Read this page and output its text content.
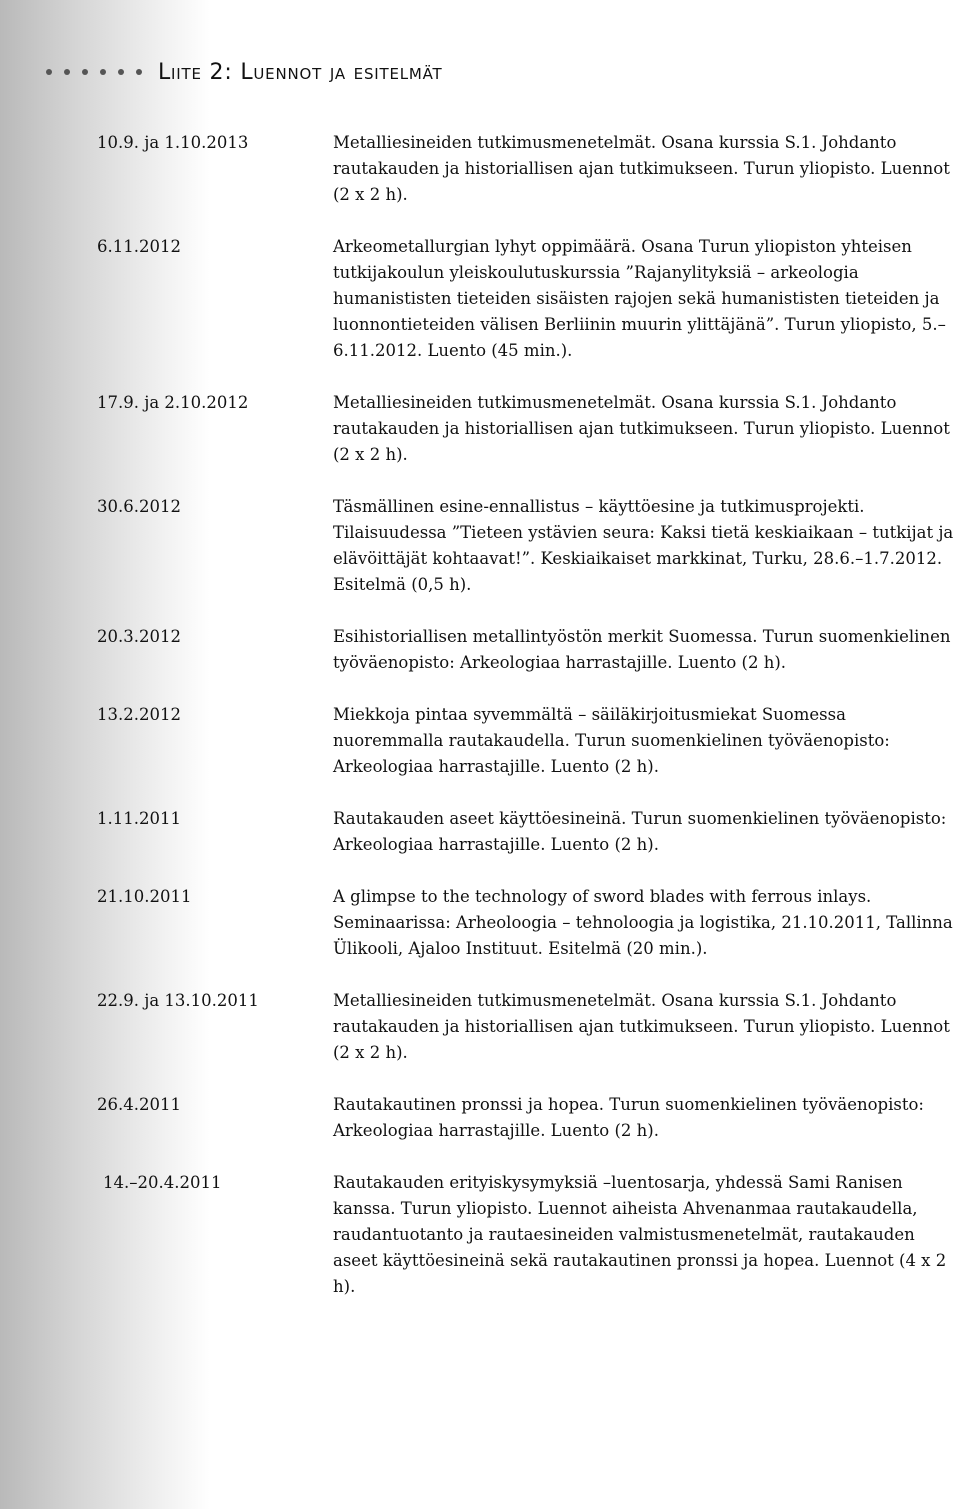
Liite 2: Luennot ja esitelmät
10.9. ja 1.10.2013	Metalliesineiden tutkimusmenetelmät. Osana kurssia S.1. Johdanto rautakauden ja historiallisen ajan tutkimukseen. Turun yliopisto. Luennot (2 x 2 h).
6.11.2012	Arkeometallurgian lyhyt oppimäärä. Osana Turun yliopiston yhteisen tutkijakoulun yleiskoulutuskurssia ”Rajanylityksiä – arkeologia humanististen tieteiden sisäisten rajojen sekä humanististen tieteiden ja luonnontieteiden välisen Berliinin muurin ylittäjänä”. Turun yliopisto, 5.–6.11.2012. Luento (45 min.).
17.9. ja 2.10.2012	Metalliesineiden tutkimusmenetelmät. Osana kurssia S.1. Johdanto rautakauden ja historiallisen ajan tutkimukseen. Turun yliopisto. Luennot (2 x 2 h).
30.6.2012	Täsmällinen esine-ennallistus – käyttöesine ja tutkimusprojekti. Tilaisuudessa ”Tieteen ystävien seura: Kaksi tietä keskiaikaan – tutkijat ja elävöittäjät kohtaavat!”. Keskiaikaiset markkinat, Turku, 28.6.–1.7.2012. Esitelmä (0,5 h).
20.3.2012	Esihistoriallisen metallintyöstön merkit Suomessa. Turun suomenkielinen työväenopisto: Arkeologiaa harrastajille. Luento (2 h).
13.2.2012	Miekkoja pintaa syvemmältä – säiläkirjoitusmiekat Suomessa nuoremmalla rautakaudella. Turun suomenkielinen työväenopisto: Arkeologiaa harrastajille. Luento (2 h).
1.11.2011	Rautakauden aseet käyttöesineinä. Turun suomenkielinen työväenopisto: Arkeologiaa harrastajille. Luento (2 h).
21.10.2011	A glimpse to the technology of sword blades with ferrous inlays. Seminaarissa: Arheoloogia – tehnoloogia ja logistika, 21.10.2011, Tallinna Ülikooli, Ajaloo Instituut. Esitelmä (20 min.).
22.9. ja 13.10.2011	Metalliesineiden tutkimusmenetelmät. Osana kurssia S.1. Johdanto rautakauden ja historiallisen ajan tutkimukseen. Turun yliopisto. Luennot (2 x 2 h).
26.4.2011	Rautakautinen pronssi ja hopea. Turun suomenkielinen työväenopisto: Arkeologiaa harrastajille. Luento (2 h).
14.–20.4.2011	Rautakauden erityiskysymyksiä –luentosarja, yhdessä Sami Ranisen kanssa. Turun yliopisto. Luennot aiheista Ahvenanmaa rautakaudella, raudantuotanto ja rautaesineiden valmistusmenetelmät, rautakauden aseet käyttöesineinä sekä rautakautinen pronssi ja hopea. Luennot (4 x 2 h).
